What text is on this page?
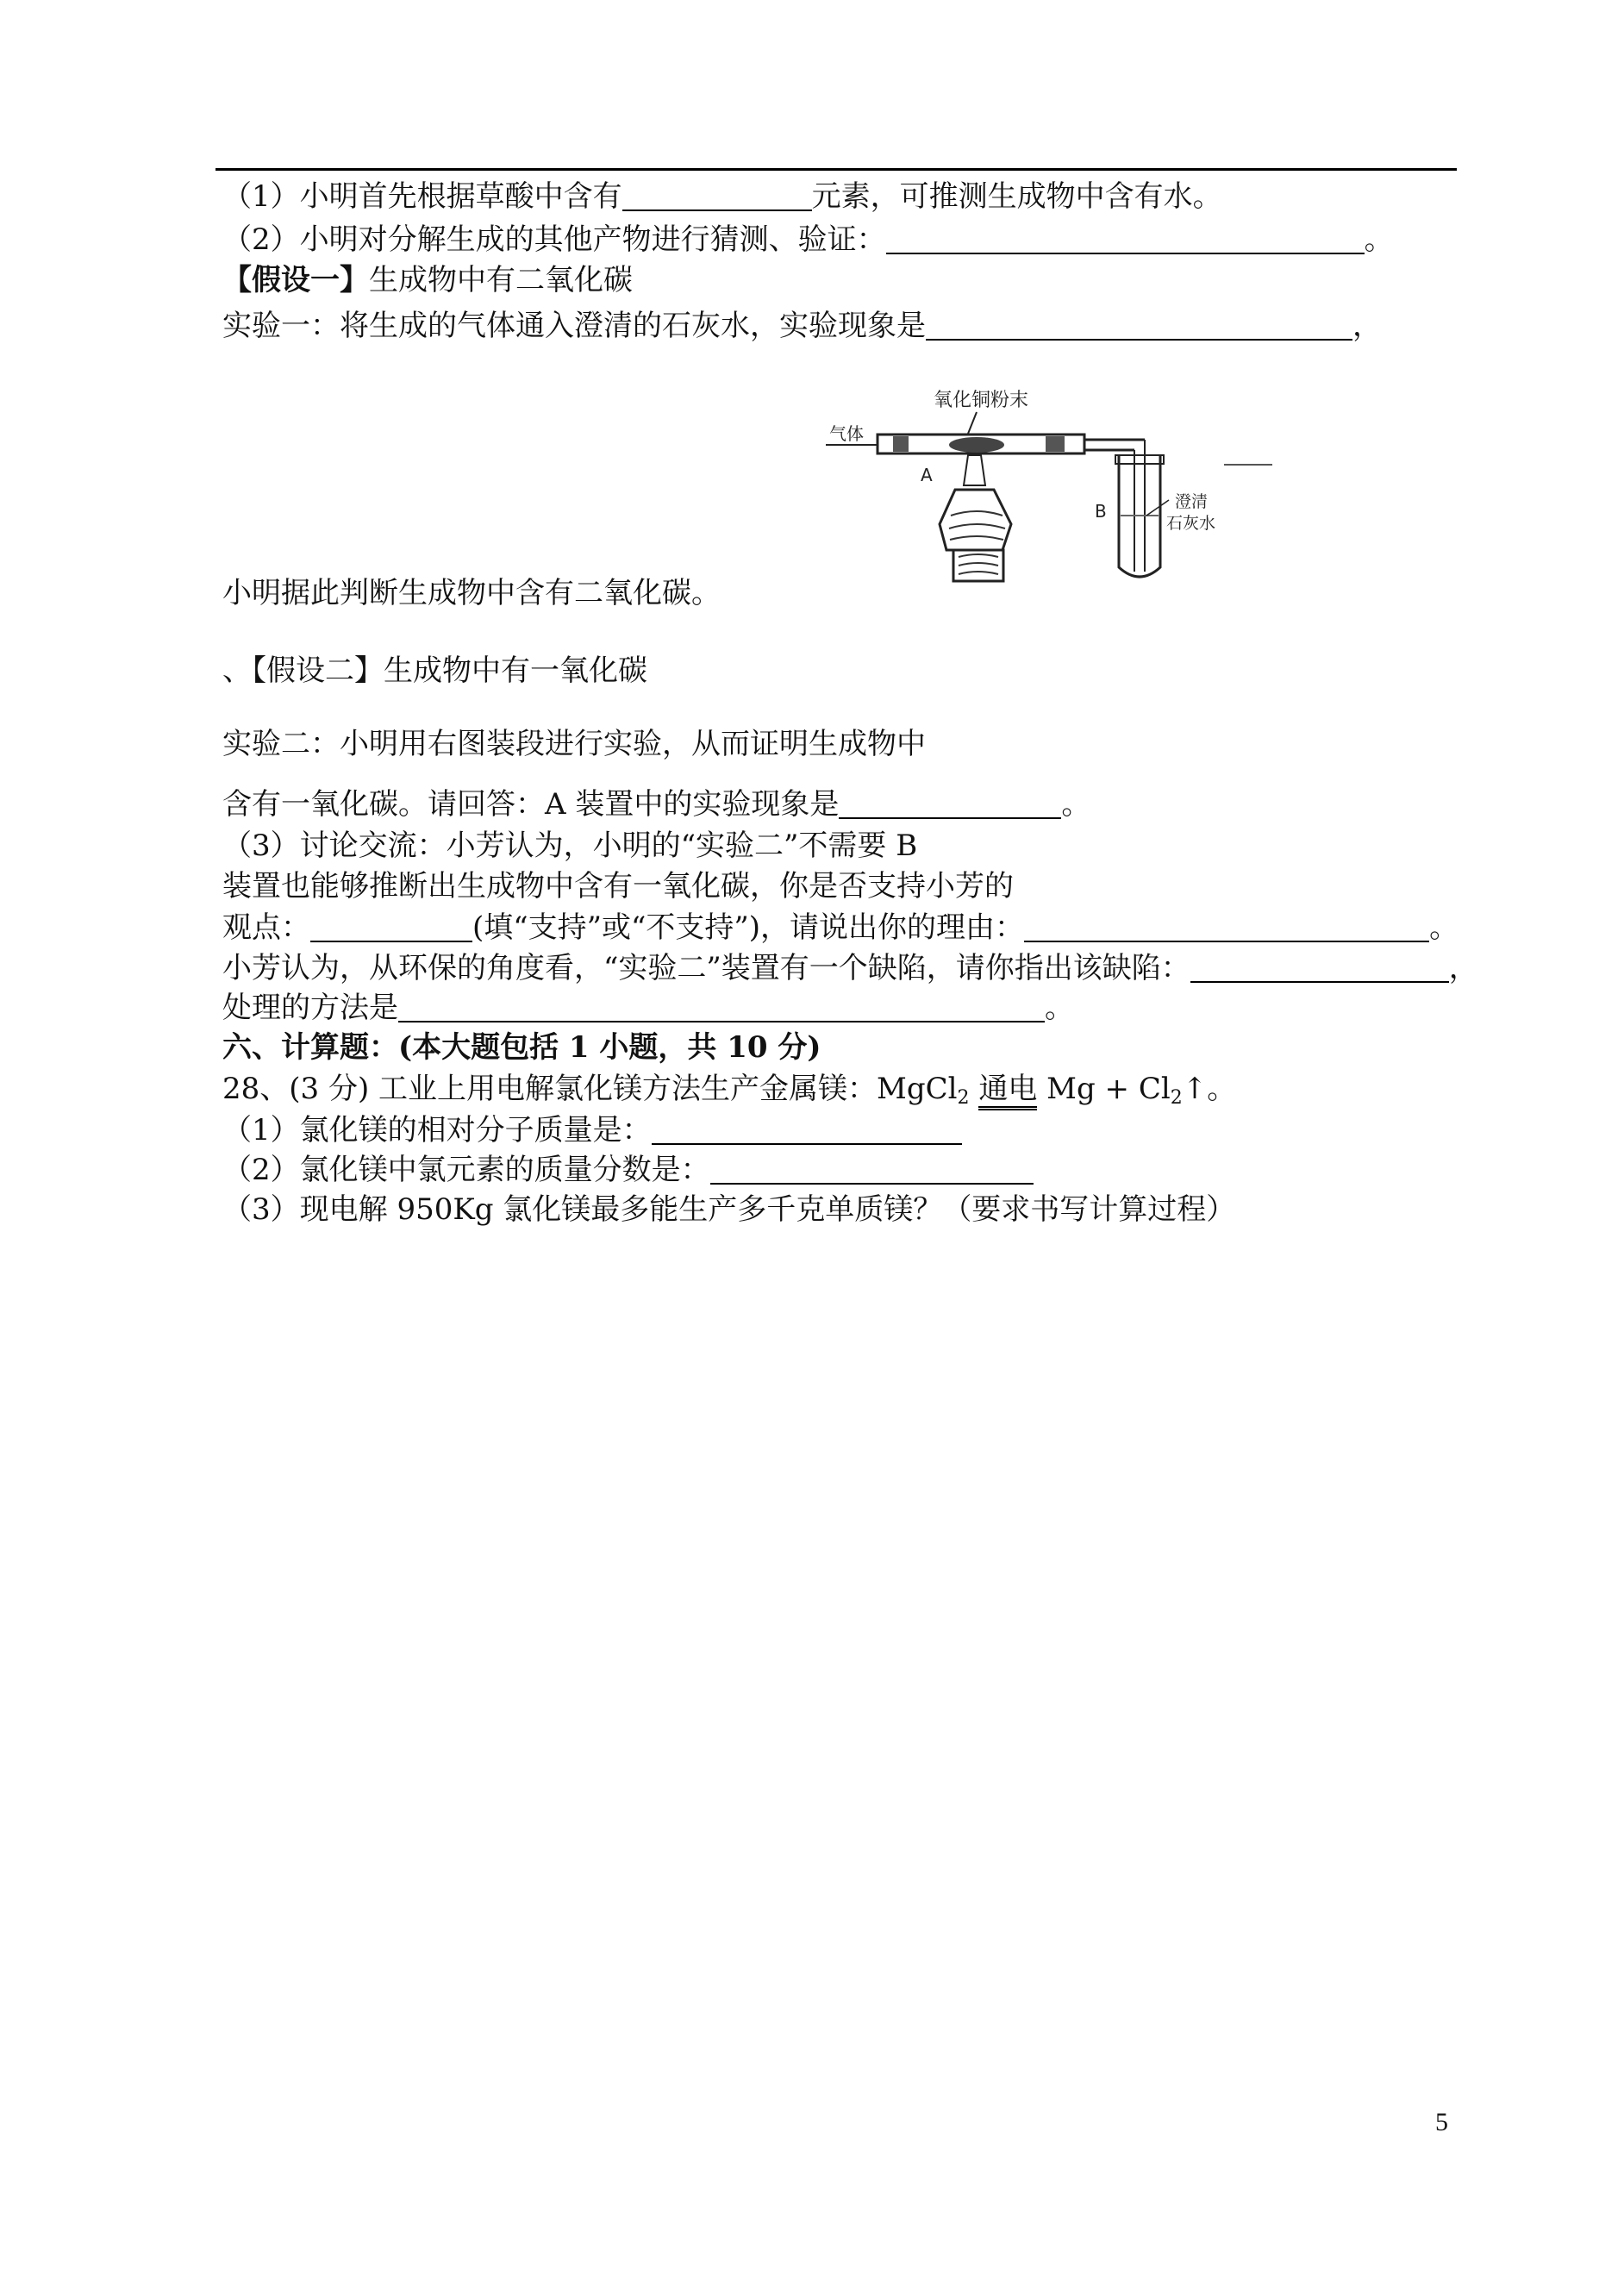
（1）小明首先根据草酸中含有	元素，可推测生成物中含有水。
（2）小明对分解生成的其他产物进行猜测、验证：	。
【假设一】生成物中有二氧化碳
实验一：将生成的气体通入澄清的石灰水，实验现象是	，
氧化铜粉末
气体
A
B	澄清
石灰水
小明据此判断生成物中含有二氧化碳。
、【假设二】生成物中有一氧化碳
实验二：小明用右图装段进行实验，从而证明生成物中
含有一氧化碳。请回答：A 装置中的实验现象是	。
（3）讨论交流：小芳认为，小明的“实验二”不需要 B
装置也能够推断出生成物中含有一氧化碳，你是否支持小芳的
观点：	(填“支持”或“不支持”)，请说出你的理由：	。
小芳认为，从环保的角度看，“实验二”装置有一个缺陷，请你指出该缺陷：	，
处理的方法是	。
六、计算题：(本大题包括 1 小题，共 10 分)
28、(3 分) 工业上用电解氯化镁方法生产金属镁：MgCl$_2$ 通电 $Mg + Cl_2↑$。
（1）氯化镁的相对分子质量是：
（2）氯化镁中氯元素的质量分数是：
（3）现电解 950Kg 氯化镁最多能生产多千克单质镁？（要求书写计算过程）
5
